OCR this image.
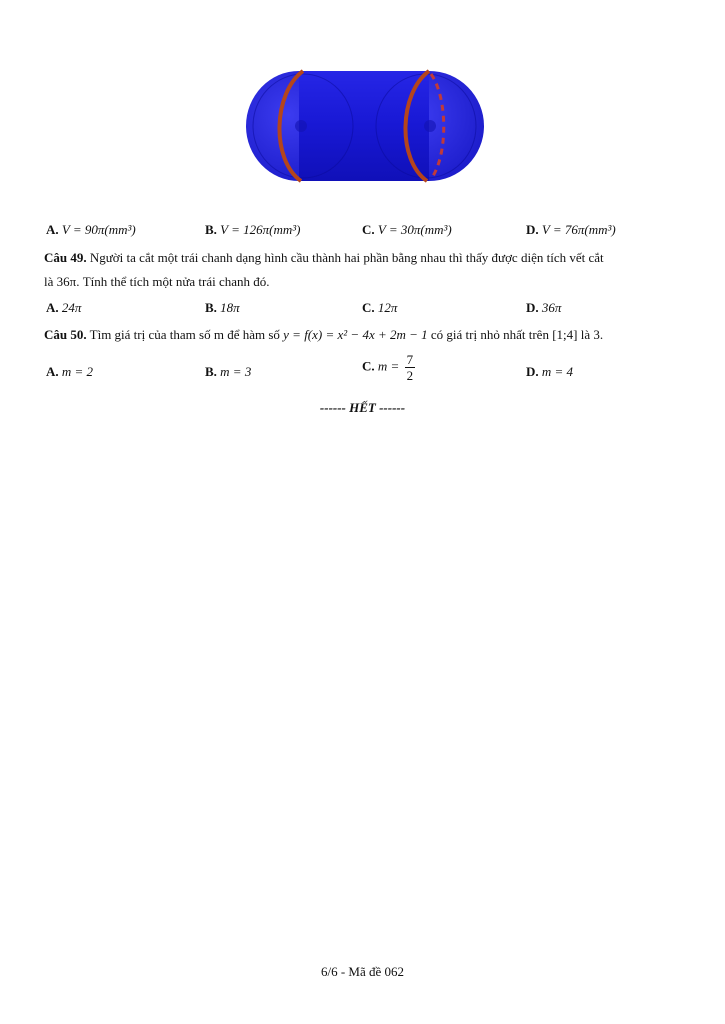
A. V = 90π(mm³)	B. V = 126π(mm³)	C. V = 30π(mm³)	D. V = 76π(mm³)
Câu 49. Người ta cắt một trái chanh dạng hình cầu thành hai phần bằng nhau thì thấy được diện tích vết cắt
là 36π. Tính thể tích một nửa trái chanh đó.
A. 24π	B. 18π	C. 12π	D. 36π
Câu 50. Tìm giá trị của tham số m để hàm số y = f(x) = x² − 4x + 2m − 1 có giá trị nhỏ nhất trên [1;4] là 3.
A. m = 2	B. m = 3	C. $m = \frac{7}{2}$	D. m = 4
------ HẾT ------
6/6 - Mã đề 062
